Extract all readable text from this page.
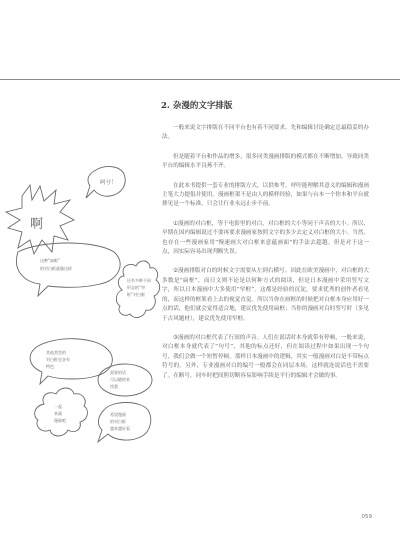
啊
呵兮！
这种“扁框” 的对白框就像这样
还有多种不同 形态的“窄 框”对白框
其他类型的 对白框也各有 特色
需要的话 可以随时来 找我
一起 来画 漫画吧
希望漫画 的对白框 越来越好看
2. 杂漫的文字排版

一般来说文字排版在不同平台也有着不同要求。先和编辑讨论确定总最稳妥的办法。

但是随着平台和作品的增多，很多同类漫画排版的模式都在不断增加，导致同类平台的编辑水平良莠不齐。

在此本书提供一套专业的排版方式，以供参考。呼吁能理解其意义的编辑和漫画主笔大力提倡并使用。漫画框架不是由人的模样经验，如果与台本一个你本和平台就排见是一个标准，只会让行业永远止步不前。

①漫画的对白框，等于电影里的对白，对白框的大小等同于声音的大小。所以，早期在国内编辑说过不要再要求漫画家按照文字的多少去定义对白框的大小。当然，也存在一些漫画家用“慢速画大对白框来意蕴画面”的手法去超越。但是对于这一点，因实际容易出现判断失误。

②漫画排版对白的时候文字需要从左到右横写。因此在欧美漫画中，对白框的大多数是“扁框”，而日文则不论是以何种方式的阅读，但是日本漫画中采用竖写文字，所以日本漫画中大多使用“窄框”。这都是经验的沉淀，要求优秀的创作者看见的，而这样的框架看上去的视觉直觉。所以当你在画框的时候把对白框本身应用好一点的话，他们就会觉得适合地，建议优先使用扁框；当你的漫画对白时竖写时（多见于古风题材），建议优先使用窄框。

③漫画的对白框代表了行间的声音。人们在说话时本身就带有停顿，一般来说，对白框本身就代表了“句号”，其他的标点还好，但在阅读过程中如果出现一个句号，我们会做一个短暂停顿。那样日本漫画中的逻辑，其实一般漫画对白是不带标点符号的。另外，专业漫画对白的编号一般都会在同层本场，这样就连说话也不需要了。在断号，同车时把间照切断容易影响手续是平行的编辑才会做的事。

059
